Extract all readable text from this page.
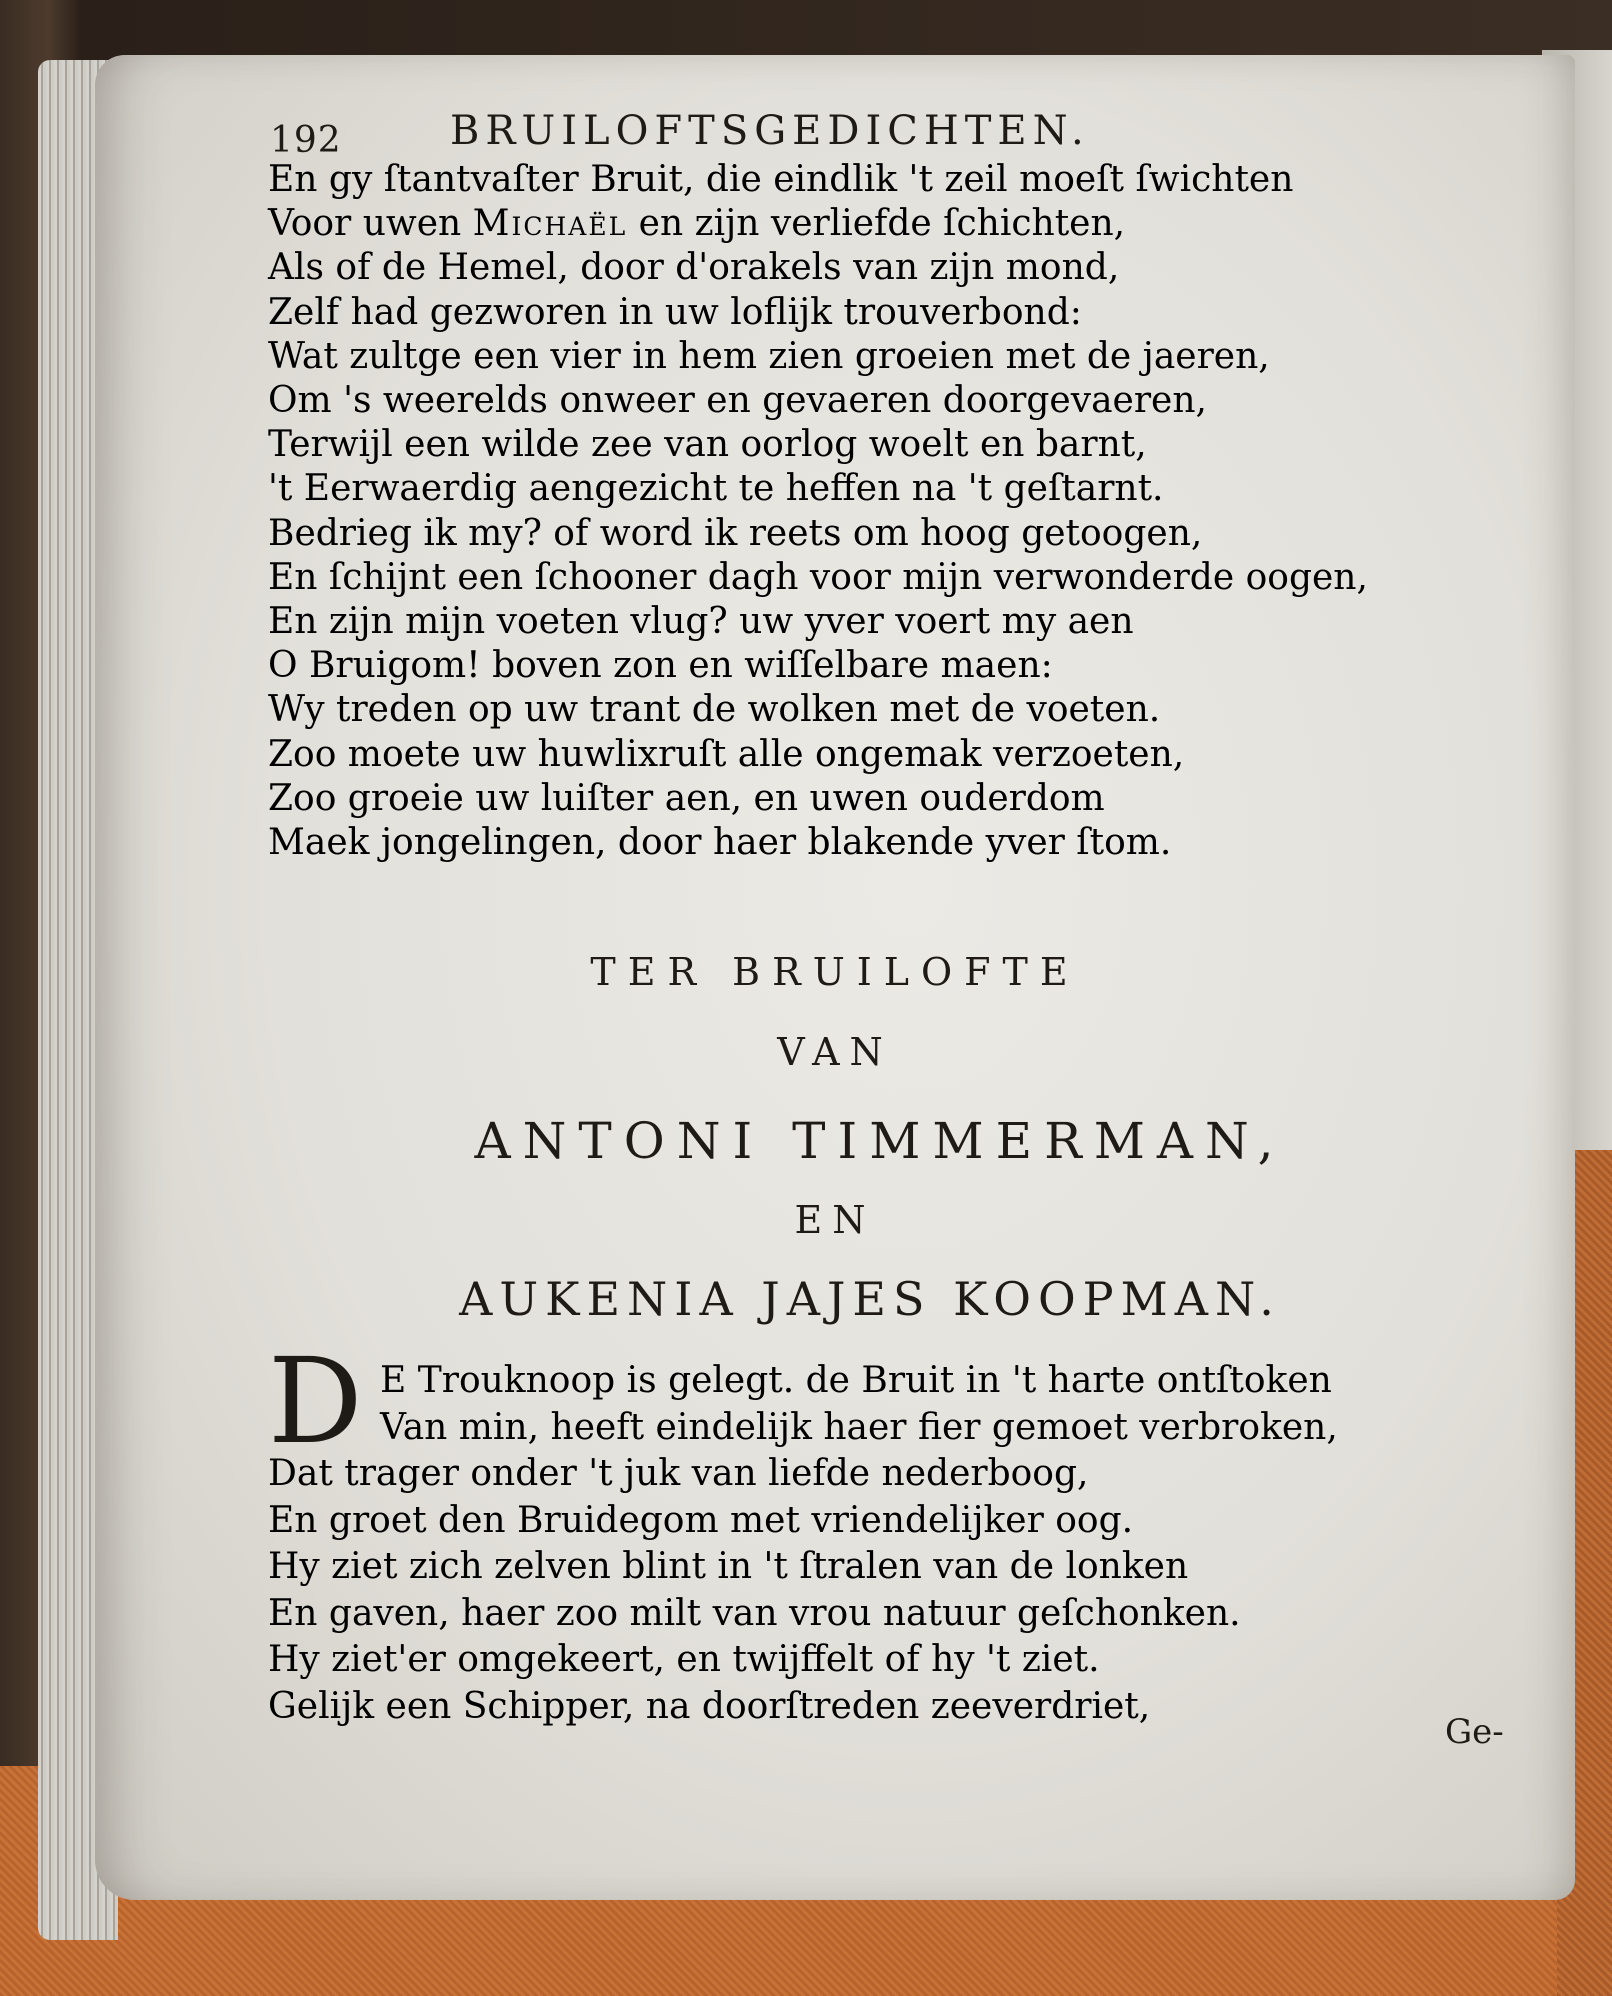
192	BRUILOFTSGEDICHTEN.
En gy ſtantvaſter Bruit, die eindlik 't zeil moeſt ſwichten
Voor uwen Michaël en zijn verliefde ſchichten,
Als of de Hemel, door d'orakels van zijn mond,
Zelf had gezworen in uw loflijk trouverbond:
Wat zultge een vier in hem zien groeien met de jaeren,
Om 's weerelds onweer en gevaeren doorgevaeren,
Terwijl een wilde zee van oorlog woelt en barnt,
't Eerwaerdig aengezicht te heffen na 't geſtarnt.
Bedrieg ik my? of word ik reets om hoog getoogen,
En ſchijnt een ſchooner dagh voor mijn verwonderde oogen,
En zijn mijn voeten vlug? uw yver voert my aen
O Bruigom! boven zon en wiſſelbare maen:
Wy treden op uw trant de wolken met de voeten.
Zoo moete uw huwlixruſt alle ongemak verzoeten,
Zoo groeie uw luiſter aen, en uwen ouderdom
Maek jongelingen, door haer blakende yver ſtom.
TER BRUILOFTE
VAN
ANTONI TIMMERMAN,
EN
AUKENIA JAJES KOOPMAN.
D E Trouknoop is gelegt. de Bruit in 't harte ontſtoken
Van min, heeft eindelijk haer fier gemoet verbroken,
Dat trager onder 't juk van liefde nederboog,
En groet den Bruidegom met vriendelijker oog.
Hy ziet zich zelven blint in 't ſtralen van de lonken
En gaven, haer zoo milt van vrou natuur geſchonken.
Hy ziet'er omgekeert, en twijffelt of hy 't ziet.
Gelijk een Schipper, na doorſtreden zeeverdriet,
Ge-
